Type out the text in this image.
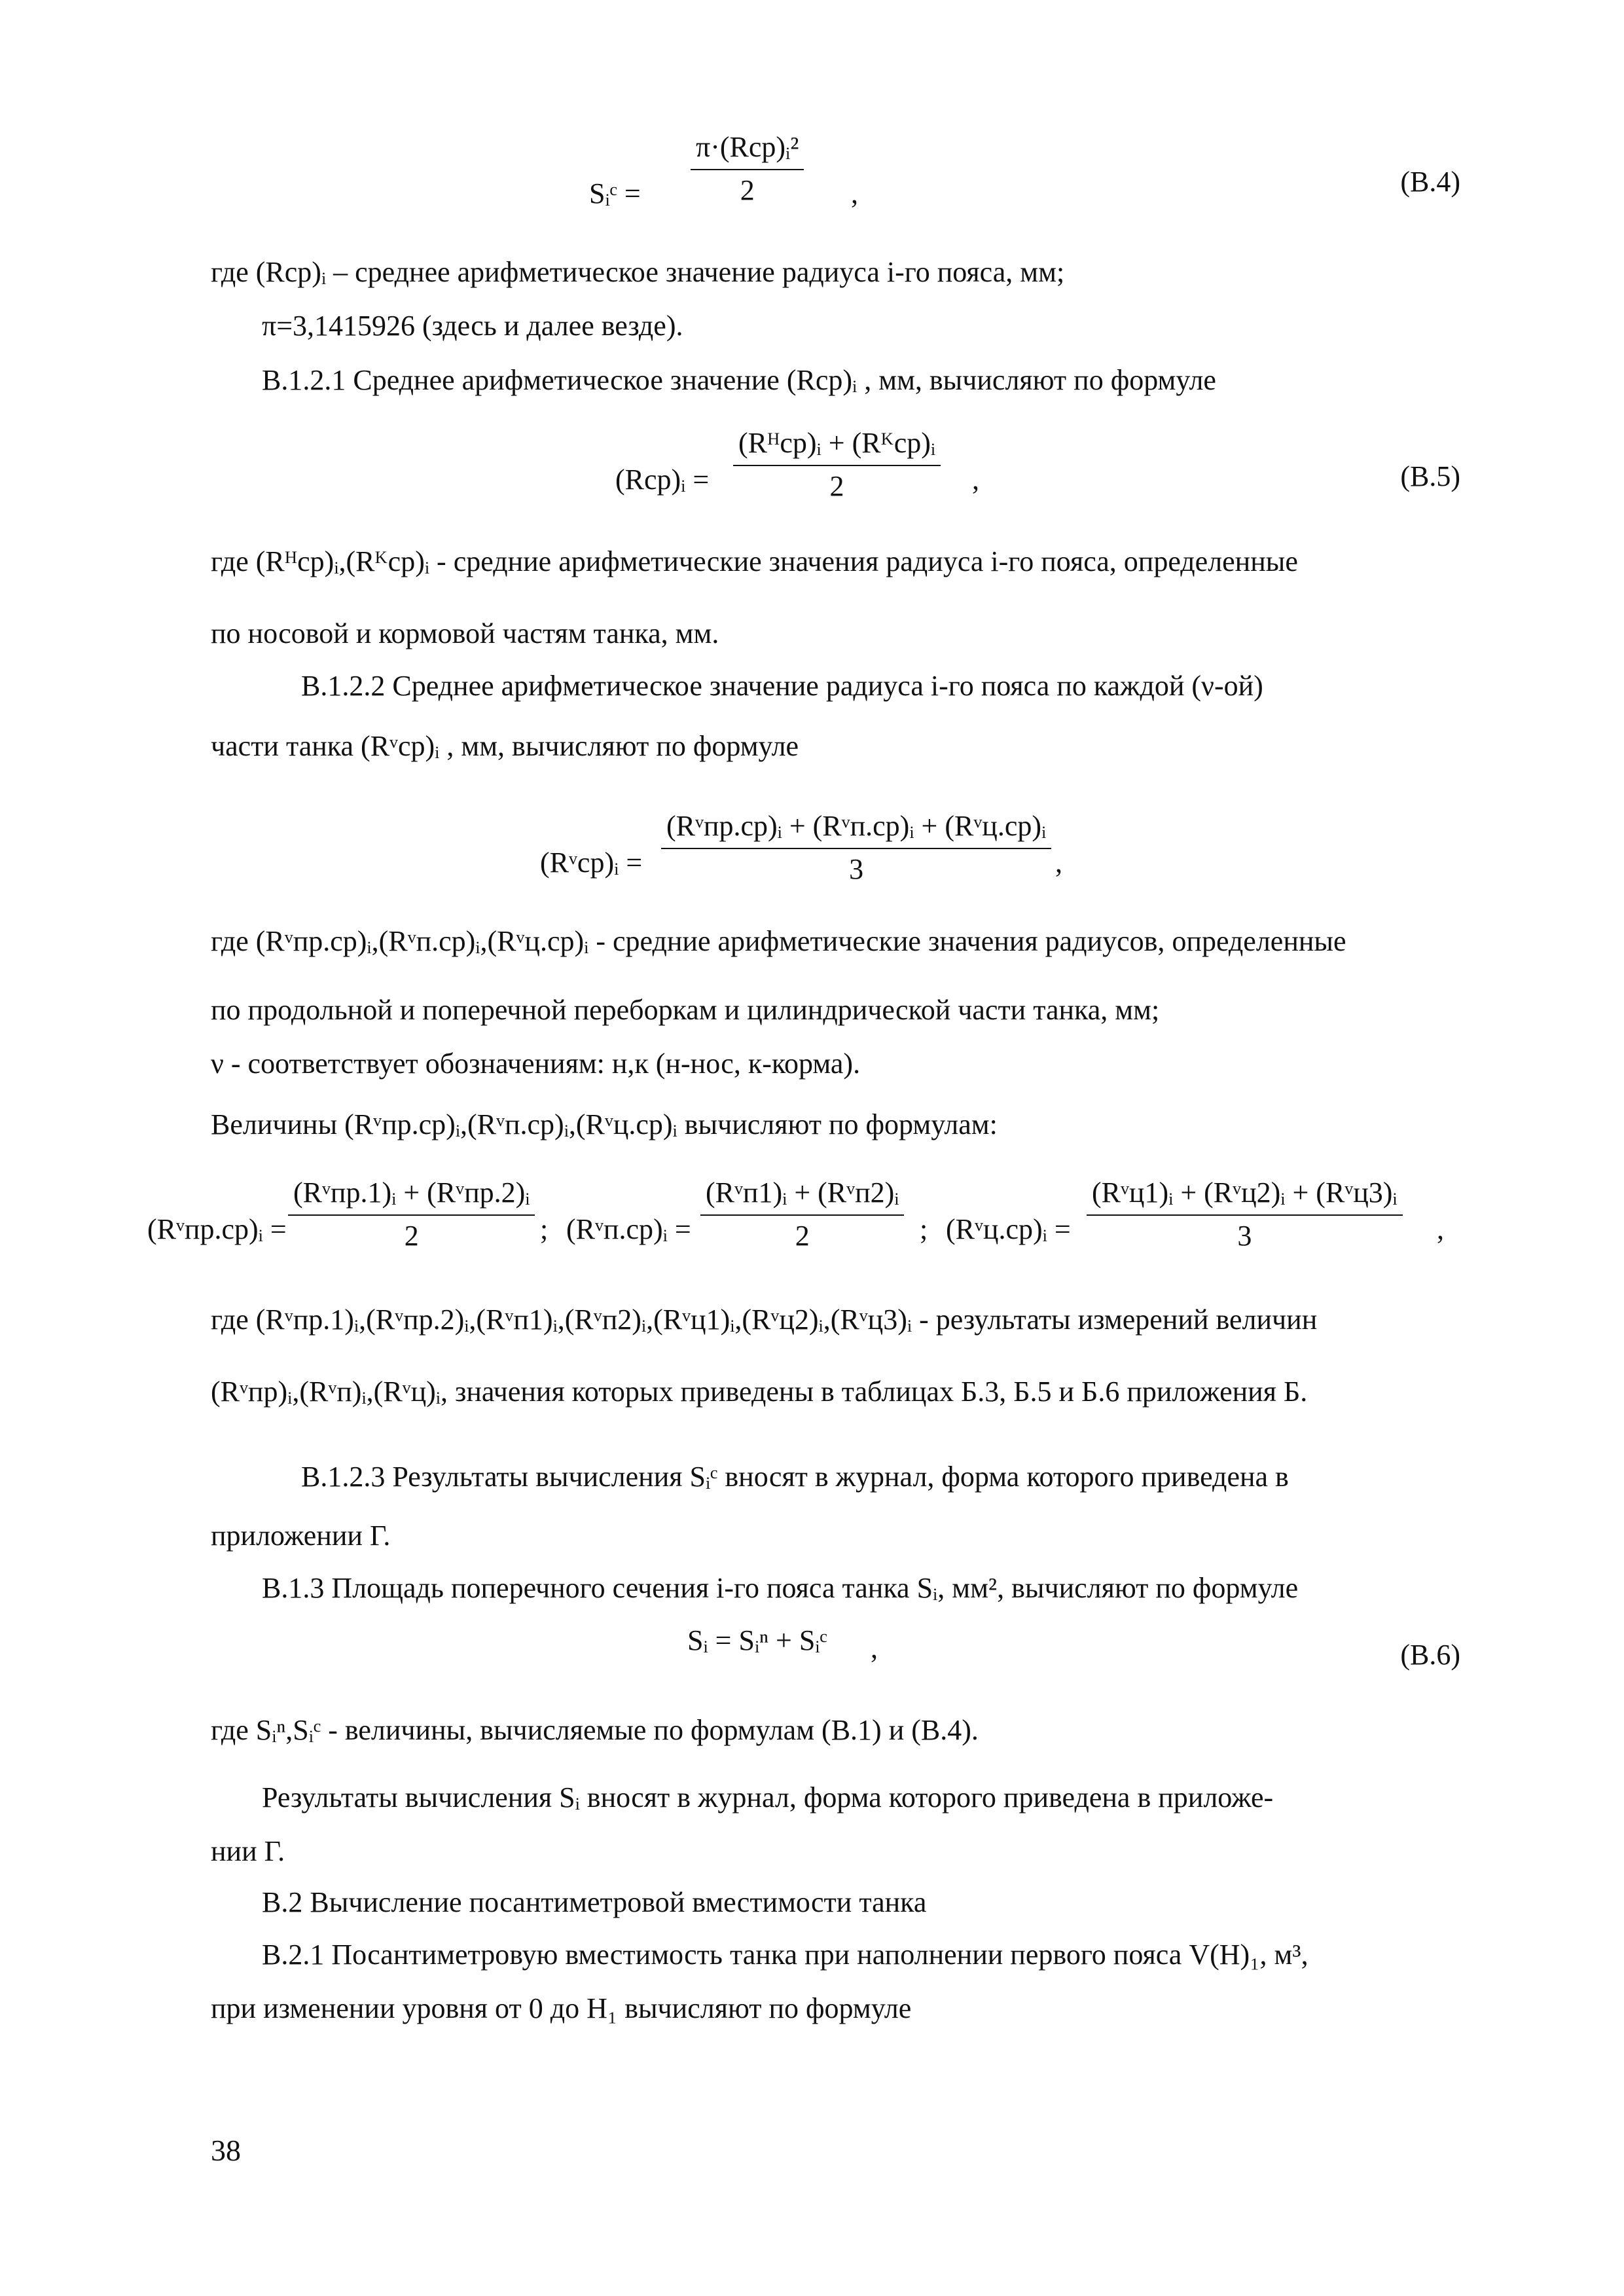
Sᵢᶜ =
π·(Rср)ᵢ²
2	,	(В.4)
где (Rср)ᵢ – среднее арифметическое значение радиуса i-го пояса, мм;
π=3,1415926 (здесь и далее везде).
В.1.2.1 Среднее арифметическое значение (Rср)ᵢ , мм, вычисляют по формуле
(Rср)ᵢ =
(Rᴴср)ᵢ + (Rᴷср)ᵢ
2	,	(В.5)
где (Rᴴср)ᵢ,(Rᴷср)ᵢ - средние арифметические значения радиуса i-го пояса, определенные
по носовой и кормовой частям танка, мм.
В.1.2.2 Среднее арифметическое значение радиуса i-го пояса по каждой (ν-ой)
части танка (Rᵛср)ᵢ , мм, вычисляют по формуле
(Rᵛср)ᵢ =
(Rᵛпр.ср)ᵢ + (Rᵛп.ср)ᵢ + (Rᵛц.ср)ᵢ
3	,
где (Rᵛпр.ср)ᵢ,(Rᵛп.ср)ᵢ,(Rᵛц.ср)ᵢ - средние арифметические значения радиусов, определенные
по продольной и поперечной переборкам и цилиндрической части танка, мм;
ν - соответствует обозначениям: н,к (н-нос, к-корма).
Величины (Rᵛпр.ср)ᵢ,(Rᵛп.ср)ᵢ,(Rᵛц.ср)ᵢ вычисляют по формулам:
(Rᵛпр.ср)ᵢ =
(Rᵛпр.1)ᵢ + (Rᵛпр.2)ᵢ
2	; (Rᵛп.ср)ᵢ =
(Rᵛп1)ᵢ + (Rᵛп2)ᵢ
2	; (Rᵛц.ср)ᵢ =
(Rᵛц1)ᵢ + (Rᵛц2)ᵢ + (Rᵛц3)ᵢ
3	,
где (Rᵛпр.1)ᵢ,(Rᵛпр.2)ᵢ,(Rᵛп1)ᵢ,(Rᵛп2)ᵢ,(Rᵛц1)ᵢ,(Rᵛц2)ᵢ,(Rᵛц3)ᵢ - результаты измерений величин
(Rᵛпр)ᵢ,(Rᵛп)ᵢ,(Rᵛц)ᵢ, значения которых приведены в таблицах Б.3, Б.5 и Б.6 приложения Б.
В.1.2.3 Результаты вычисления Sᵢᶜ вносят в журнал, форма которого приведена в
приложении Г.
В.1.3 Площадь поперечного сечения i-го пояса танка Sᵢ, мм², вычисляют по формуле
Sᵢ = Sᵢⁿ + Sᵢᶜ ,	(В.6)
где Sᵢⁿ,Sᵢᶜ - величины, вычисляемые по формулам (В.1) и (В.4).
Результаты вычисления Sᵢ вносят в журнал, форма которого приведена в приложе-
нии Г.
В.2 Вычисление посантиметровой вместимости танка
В.2.1 Посантиметровую вместимость танка при наполнении первого пояса V(H)₁, м³,
при изменении уровня от 0 до H₁ вычисляют по формуле
38
